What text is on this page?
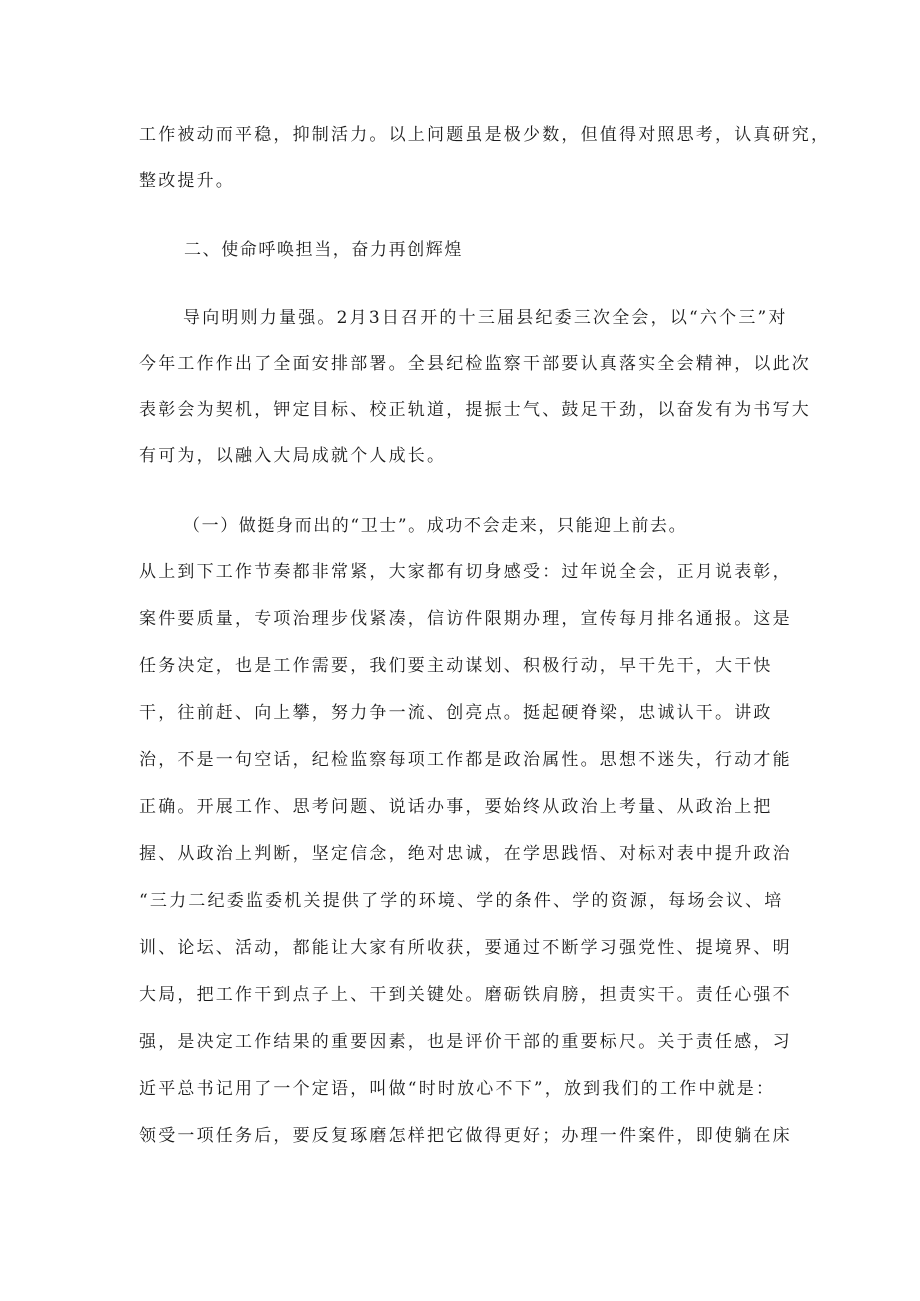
工作被动而平稳，抑制活力。以上问题虽是极少数，但值得对照思考，认真研究，
整改提升。
二、使命呼唤担当，奋力再创辉煌
导向明则力量强。2月3日召开的十三届县纪委三次全会，以“六个三”对
今年工作作出了全面安排部署。全县纪检监察干部要认真落实全会精神，以此次
表彰会为契机，钾定目标、校正轨道，提振士气、鼓足干劲，以奋发有为书写大
有可为，以融入大局成就个人成长。
（一）做挺身而出的“卫士”。成功不会走来，只能迎上前去。
从上到下工作节奏都非常紧，大家都有切身感受：过年说全会，正月说表彰，
案件要质量，专项治理步伐紧凑，信访件限期办理，宣传每月排名通报。这是
任务决定，也是工作需要，我们要主动谋划、积极行动，早干先干，大干快
干，往前赶、向上攀，努力争一流、创亮点。挺起硬脊梁，忠诚认干。讲政
治，不是一句空话，纪检监察每项工作都是政治属性。思想不迷失，行动才能
正确。开展工作、思考问题、说话办事，要始终从政治上考量、从政治上把
握、从政治上判断，坚定信念，绝对忠诚，在学思践悟、对标对表中提升政治
“三力二纪委监委机关提供了学的环境、学的条件、学的资源，每场会议、培
训、论坛、活动，都能让大家有所收获，要通过不断学习强党性、提境界、明
大局，把工作干到点子上、干到关键处。磨砺铁肩膀，担责实干。责任心强不
强，是决定工作结果的重要因素，也是评价干部的重要标尺。关于责任感，习
近平总书记用了一个定语，叫做“时时放心不下”，放到我们的工作中就是：
领受一项任务后，要反复琢磨怎样把它做得更好；办理一件案件，即使躺在床
